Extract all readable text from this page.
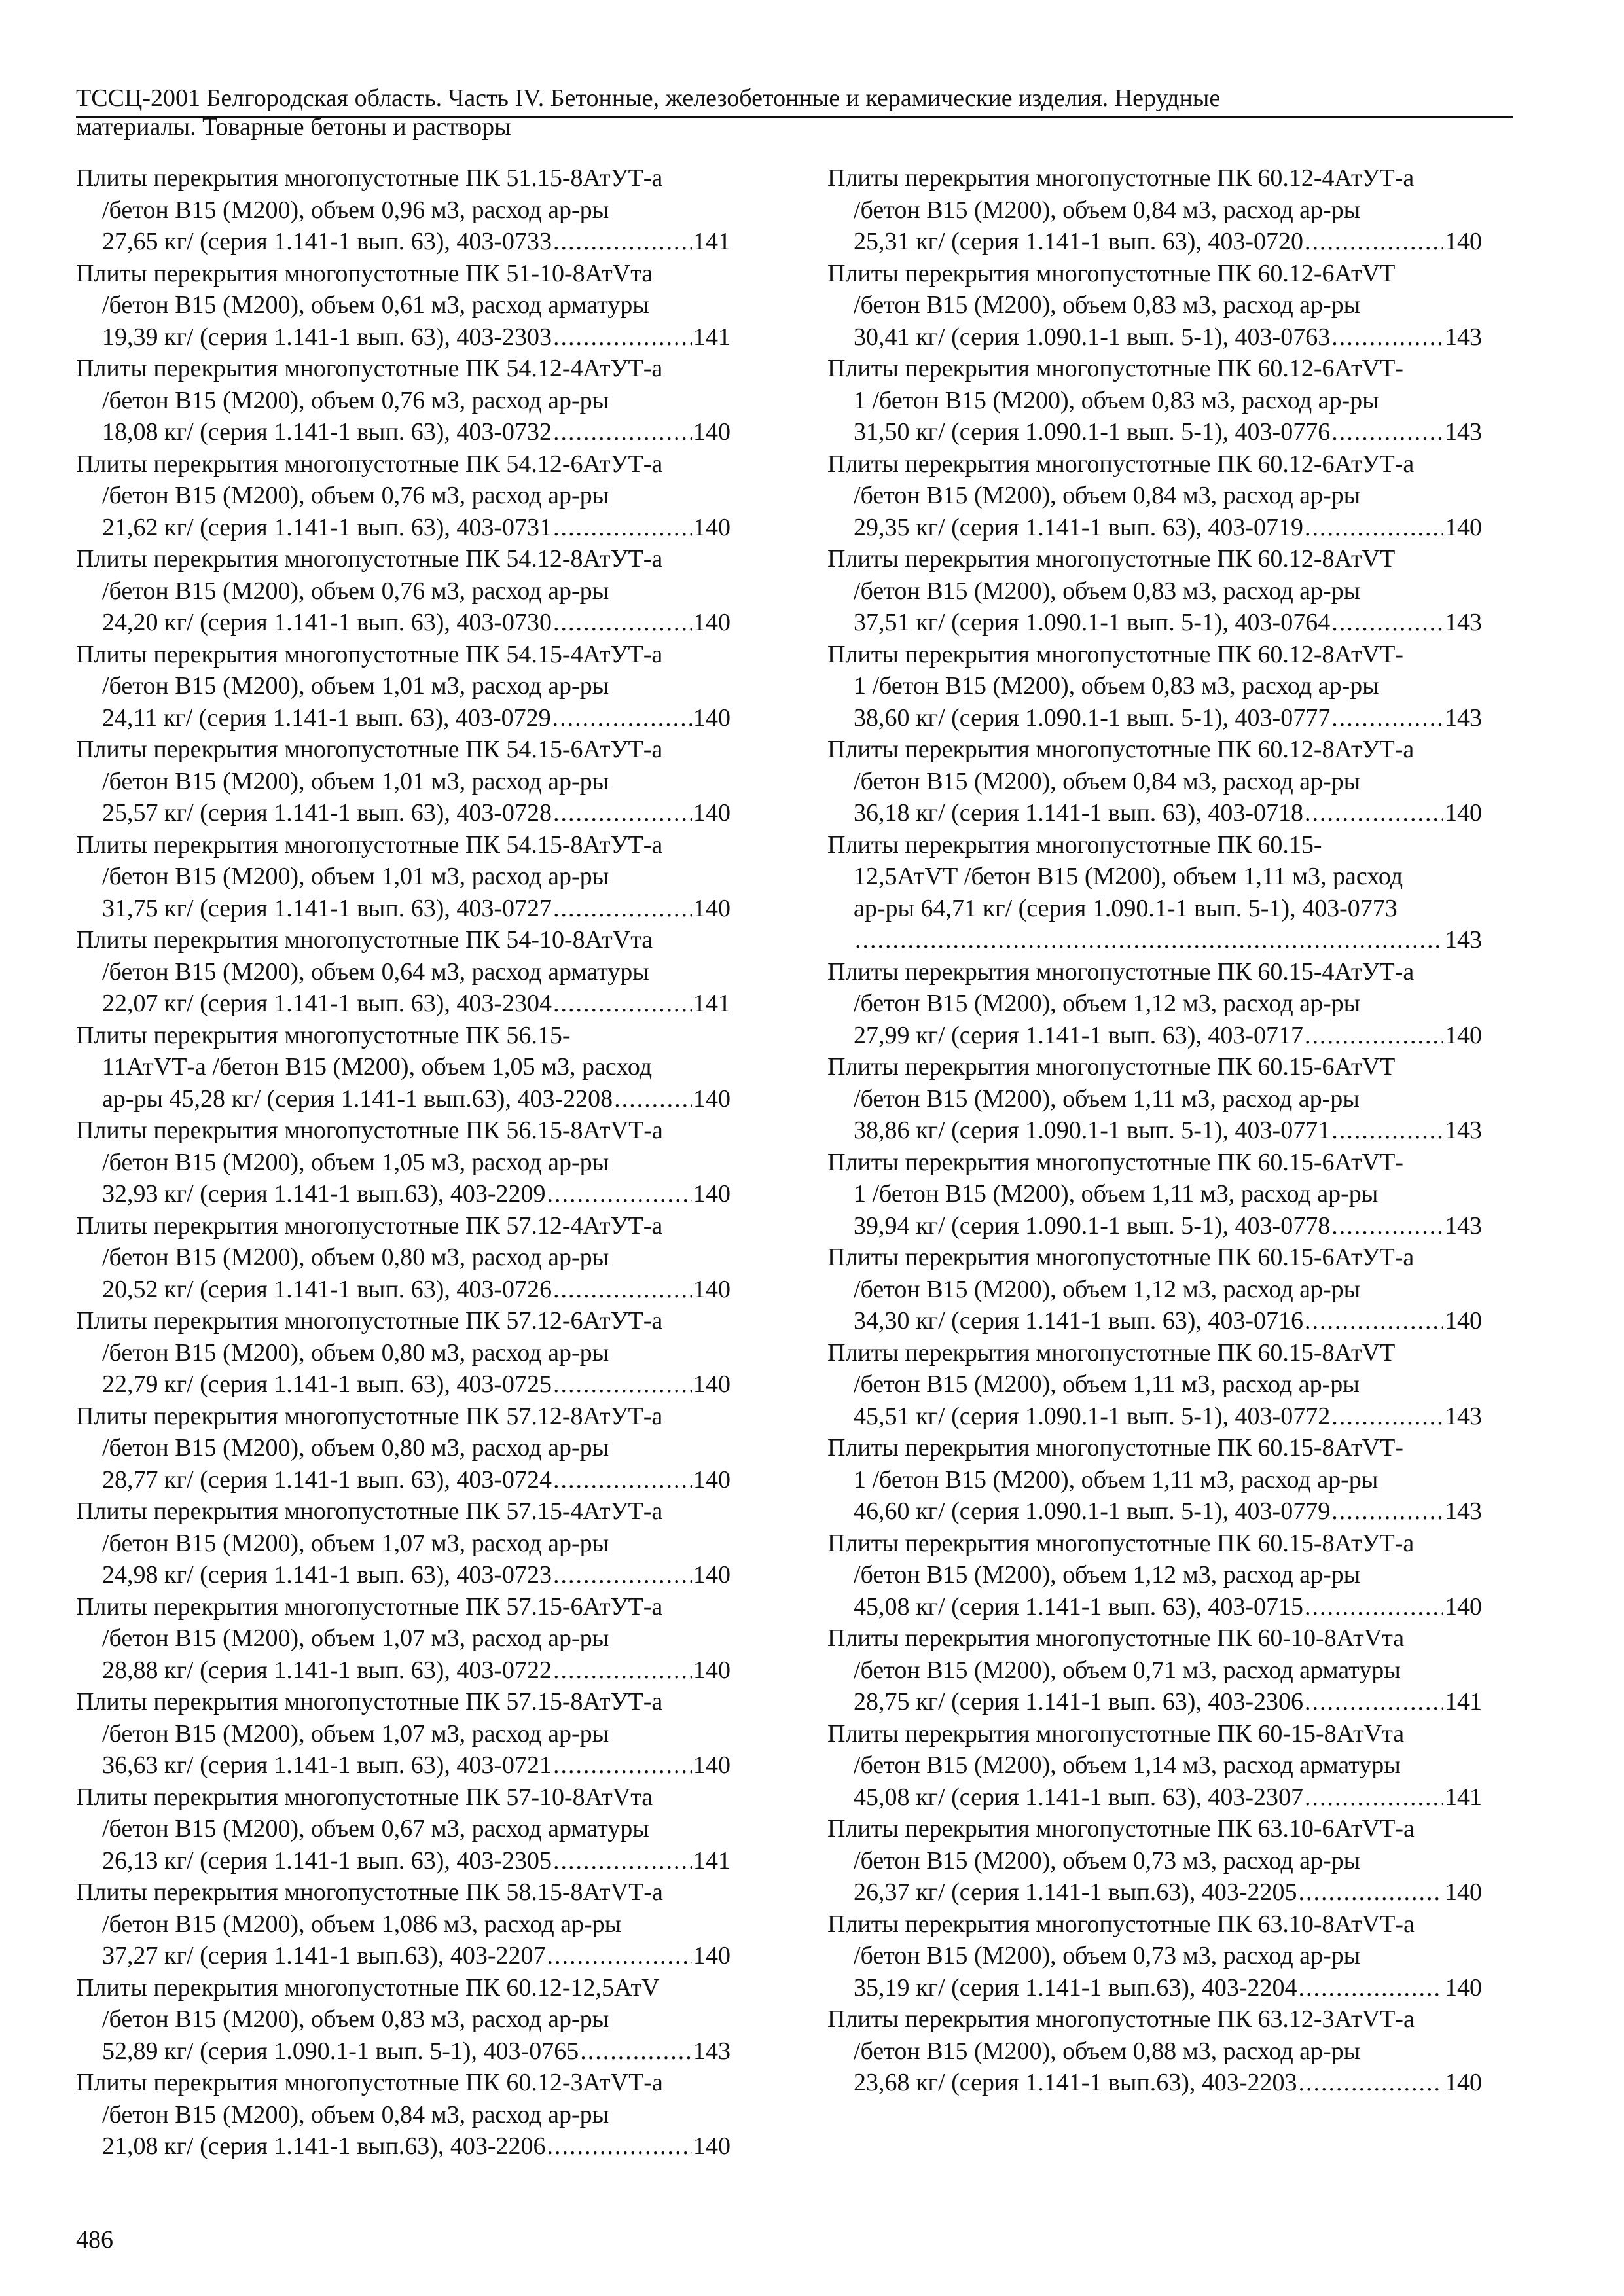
ТССЦ-2001 Белгородская область. Часть IV. Бетонные, железобетонные и керамические изделия. Нерудные
материалы. Товарные бетоны и растворы
Плиты перекрытия многопустотные ПК 51.15-8АтУТ-а
/бетон В15 (М200), объем 0,96 м3, расход ар-ры
27,65 кг/ (серия 1.141-1 вып. 63), 403-0733 .....	141
Плиты перекрытия многопустотные ПК 51-10-8АтVта
/бетон В15 (М200), объем 0,61 м3, расход арматуры
19,39 кг/ (серия 1.141-1 вып. 63), 403-2303 .....	141
Плиты перекрытия многопустотные ПК 54.12-4АтУТ-а
/бетон В15 (М200), объем 0,76 м3, расход ар-ры
18,08 кг/ (серия 1.141-1 вып. 63), 403-0732 .....	140
Плиты перекрытия многопустотные ПК 54.12-6АтУТ-а
/бетон В15 (М200), объем 0,76 м3, расход ар-ры
21,62 кг/ (серия 1.141-1 вып. 63), 403-0731 .....	140
Плиты перекрытия многопустотные ПК 54.12-8АтУТ-а
/бетон В15 (М200), объем 0,76 м3, расход ар-ры
24,20 кг/ (серия 1.141-1 вып. 63), 403-0730 .....	140
Плиты перекрытия многопустотные ПК 54.15-4АтУТ-а
/бетон В15 (М200), объем 1,01 м3, расход ар-ры
24,11 кг/ (серия 1.141-1 вып. 63), 403-0729 .....	140
Плиты перекрытия многопустотные ПК 54.15-6АтУТ-а
/бетон В15 (М200), объем 1,01 м3, расход ар-ры
25,57 кг/ (серия 1.141-1 вып. 63), 403-0728 .....	140
Плиты перекрытия многопустотные ПК 54.15-8АтУТ-а
/бетон В15 (М200), объем 1,01 м3, расход ар-ры
31,75 кг/ (серия 1.141-1 вып. 63), 403-0727 .....	140
Плиты перекрытия многопустотные ПК 54-10-8АтVта
/бетон В15 (М200), объем 0,64 м3, расход арматуры
22,07 кг/ (серия 1.141-1 вып. 63), 403-2304 .....	141
Плиты перекрытия многопустотные ПК 56.15-
11АтVТ-а /бетон В15 (М200), объем 1,05 м3, расход
ар-ры 45,28 кг/ (серия 1.141-1 вып.63), 403-2208 .....	140
Плиты перекрытия многопустотные ПК 56.15-8АтVТ-а
/бетон В15 (М200), объем 1,05 м3, расход ар-ры
32,93 кг/ (серия 1.141-1 вып.63), 403-2209 .....	140
Плиты перекрытия многопустотные ПК 57.12-4АтУТ-а
/бетон В15 (М200), объем 0,80 м3, расход ар-ры
20,52 кг/ (серия 1.141-1 вып. 63), 403-0726 .....	140
Плиты перекрытия многопустотные ПК 57.12-6АтУТ-а
/бетон В15 (М200), объем 0,80 м3, расход ар-ры
22,79 кг/ (серия 1.141-1 вып. 63), 403-0725 .....	140
Плиты перекрытия многопустотные ПК 57.12-8АтУТ-а
/бетон В15 (М200), объем 0,80 м3, расход ар-ры
28,77 кг/ (серия 1.141-1 вып. 63), 403-0724 .....	140
Плиты перекрытия многопустотные ПК 57.15-4АтУТ-а
/бетон В15 (М200), объем 1,07 м3, расход ар-ры
24,98 кг/ (серия 1.141-1 вып. 63), 403-0723 .....	140
Плиты перекрытия многопустотные ПК 57.15-6АтУТ-а
/бетон В15 (М200), объем 1,07 м3, расход ар-ры
28,88 кг/ (серия 1.141-1 вып. 63), 403-0722 .....	140
Плиты перекрытия многопустотные ПК 57.15-8АтУТ-а
/бетон В15 (М200), объем 1,07 м3, расход ар-ры
36,63 кг/ (серия 1.141-1 вып. 63), 403-0721 .....	140
Плиты перекрытия многопустотные ПК 57-10-8АтVта
/бетон В15 (М200), объем 0,67 м3, расход арматуры
26,13 кг/ (серия 1.141-1 вып. 63), 403-2305 .....	141
Плиты перекрытия многопустотные ПК 58.15-8АтVТ-а
/бетон В15 (М200), объем 1,086 м3, расход ар-ры
37,27 кг/ (серия 1.141-1 вып.63), 403-2207 .....	140
Плиты перекрытия многопустотные ПК 60.12-12,5АтV
/бетон В15 (М200), объем 0,83 м3, расход ар-ры
52,89 кг/ (серия 1.090.1-1 вып. 5-1), 403-0765 .....	143
Плиты перекрытия многопустотные ПК 60.12-3АтVТ-а
/бетон В15 (М200), объем 0,84 м3, расход ар-ры
21,08 кг/ (серия 1.141-1 вып.63), 403-2206 .....	140
Плиты перекрытия многопустотные ПК 60.12-4АтУТ-а
/бетон В15 (М200), объем 0,84 м3, расход ар-ры
25,31 кг/ (серия 1.141-1 вып. 63), 403-0720 .....	140
Плиты перекрытия многопустотные ПК 60.12-6АтVТ
/бетон В15 (М200), объем 0,83 м3, расход ар-ры
30,41 кг/ (серия 1.090.1-1 вып. 5-1), 403-0763 .....	143
Плиты перекрытия многопустотные ПК 60.12-6АтVТ-
1 /бетон В15 (М200), объем 0,83 м3, расход ар-ры
31,50 кг/ (серия 1.090.1-1 вып. 5-1), 403-0776 .....	143
Плиты перекрытия многопустотные ПК 60.12-6АтУТ-а
/бетон В15 (М200), объем 0,84 м3, расход ар-ры
29,35 кг/ (серия 1.141-1 вып. 63), 403-0719 .....	140
Плиты перекрытия многопустотные ПК 60.12-8АтVТ
/бетон В15 (М200), объем 0,83 м3, расход ар-ры
37,51 кг/ (серия 1.090.1-1 вып. 5-1), 403-0764 .....	143
Плиты перекрытия многопустотные ПК 60.12-8АтVТ-
1 /бетон В15 (М200), объем 0,83 м3, расход ар-ры
38,60 кг/ (серия 1.090.1-1 вып. 5-1), 403-0777 .....	143
Плиты перекрытия многопустотные ПК 60.12-8АтУТ-а
/бетон В15 (М200), объем 0,84 м3, расход ар-ры
36,18 кг/ (серия 1.141-1 вып. 63), 403-0718 .....	140
Плиты перекрытия многопустотные ПК 60.15-
12,5АтVТ /бетон В15 (М200), объем 1,11 м3, расход
ар-ры 64,71 кг/ (серия 1.090.1-1 вып. 5-1), 403-0773
.....
143
Плиты перекрытия многопустотные ПК 60.15-4АтУТ-а
/бетон В15 (М200), объем 1,12 м3, расход ар-ры
27,99 кг/ (серия 1.141-1 вып. 63), 403-0717 .....	140
Плиты перекрытия многопустотные ПК 60.15-6АтVТ
/бетон В15 (М200), объем 1,11 м3, расход ар-ры
38,86 кг/ (серия 1.090.1-1 вып. 5-1), 403-0771 .....	143
Плиты перекрытия многопустотные ПК 60.15-6АтVТ-
1 /бетон В15 (М200), объем 1,11 м3, расход ар-ры
39,94 кг/ (серия 1.090.1-1 вып. 5-1), 403-0778 .....	143
Плиты перекрытия многопустотные ПК 60.15-6АтУТ-а
/бетон В15 (М200), объем 1,12 м3, расход ар-ры
34,30 кг/ (серия 1.141-1 вып. 63), 403-0716 .....	140
Плиты перекрытия многопустотные ПК 60.15-8АтVТ
/бетон В15 (М200), объем 1,11 м3, расход ар-ры
45,51 кг/ (серия 1.090.1-1 вып. 5-1), 403-0772 .....	143
Плиты перекрытия многопустотные ПК 60.15-8АтVТ-
1 /бетон В15 (М200), объем 1,11 м3, расход ар-ры
46,60 кг/ (серия 1.090.1-1 вып. 5-1), 403-0779 .....	143
Плиты перекрытия многопустотные ПК 60.15-8АтУТ-а
/бетон В15 (М200), объем 1,12 м3, расход ар-ры
45,08 кг/ (серия 1.141-1 вып. 63), 403-0715 .....	140
Плиты перекрытия многопустотные ПК 60-10-8АтVта
/бетон В15 (М200), объем 0,71 м3, расход арматуры
28,75 кг/ (серия 1.141-1 вып. 63), 403-2306 .....	141
Плиты перекрытия многопустотные ПК 60-15-8АтVта
/бетон В15 (М200), объем 1,14 м3, расход арматуры
45,08 кг/ (серия 1.141-1 вып. 63), 403-2307 .....	141
Плиты перекрытия многопустотные ПК 63.10-6АтVТ-а
/бетон В15 (М200), объем 0,73 м3, расход ар-ры
26,37 кг/ (серия 1.141-1 вып.63), 403-2205 .....	140
Плиты перекрытия многопустотные ПК 63.10-8АтVТ-а
/бетон В15 (М200), объем 0,73 м3, расход ар-ры
35,19 кг/ (серия 1.141-1 вып.63), 403-2204 .....	140
Плиты перекрытия многопустотные ПК 63.12-3АтVТ-а
/бетон В15 (М200), объем 0,88 м3, расход ар-ры
23,68 кг/ (серия 1.141-1 вып.63), 403-2203 .....	140
486
